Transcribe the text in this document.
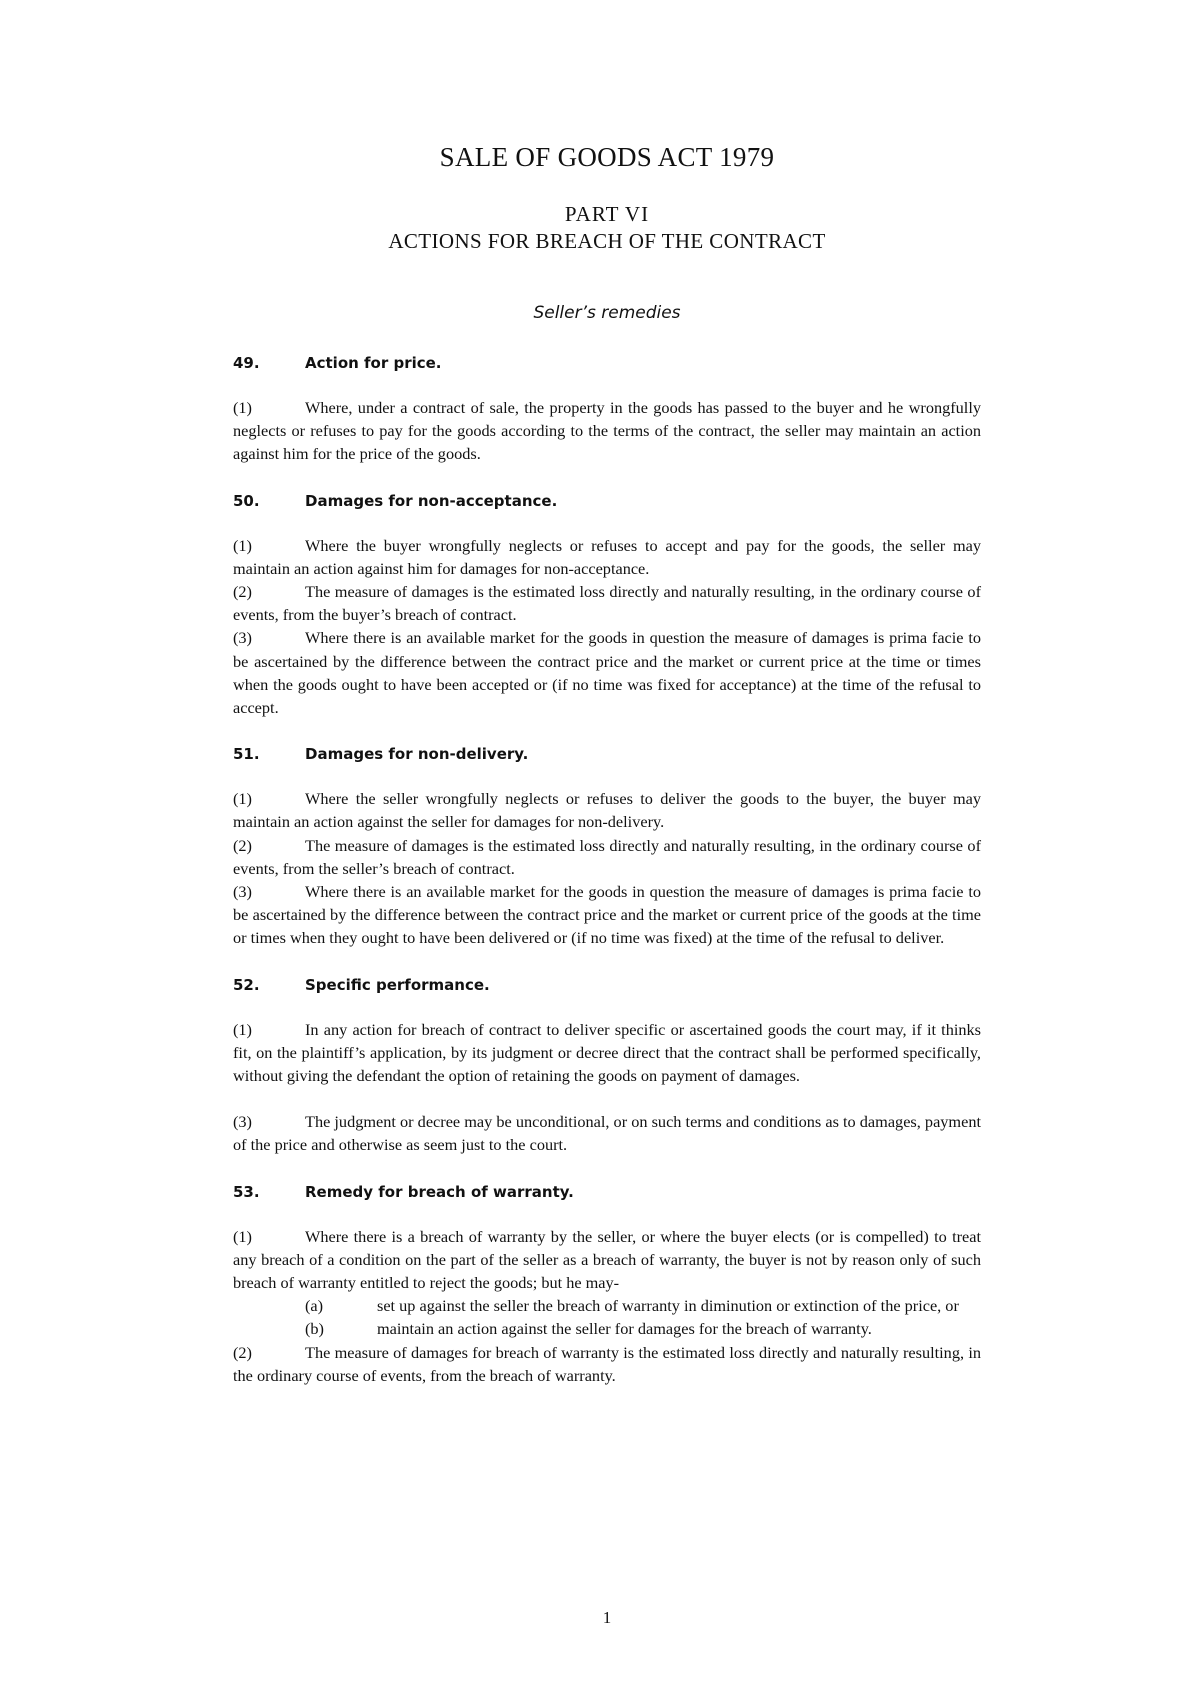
SALE OF GOODS ACT 1979
PART VI
ACTIONS FOR BREACH OF THE CONTRACT
Seller’s remedies
49.	Action for price.

(1)	Where, under a contract of sale, the property in the goods has passed to the buyer and he wrongfully neglects or refuses to pay for the goods according to the terms of the contract, the seller may maintain an action against him for the price of the goods.

50.	Damages for non-acceptance.

(1)	Where the buyer wrongfully neglects or refuses to accept and pay for the goods, the seller may maintain an action against him for damages for non-acceptance.

(2)	The measure of damages is the estimated loss directly and naturally resulting, in the ordinary course of events, from the buyer’s breach of contract.

(3)	Where there is an available market for the goods in question the measure of damages is prima facie to be ascertained by the difference between the contract price and the market or current price at the time or times when the goods ought to have been accepted or (if no time was fixed for acceptance) at the time of the refusal to accept.

51.	Damages for non-delivery.

(1)	Where the seller wrongfully neglects or refuses to deliver the goods to the buyer, the buyer may maintain an action against the seller for damages for non-delivery.

(2)	The measure of damages is the estimated loss directly and naturally resulting, in the ordinary course of events, from the seller’s breach of contract.

(3)	Where there is an available market for the goods in question the measure of damages is prima facie to be ascertained by the difference between the contract price and the market or current price of the goods at the time or times when they ought to have been delivered or (if no time was fixed) at the time of the refusal to deliver.

52.	Specific performance.

(1)	In any action for breach of contract to deliver specific or ascertained goods the court may, if it thinks fit, on the plaintiff’s application, by its judgment or decree direct that the contract shall be performed specifically, without giving the defendant the option of retaining the goods on payment of damages.

(3)	The judgment or decree may be unconditional, or on such terms and conditions as to damages, payment of the price and otherwise as seem just to the court.

53.	Remedy for breach of warranty.

(1)	Where there is a breach of warranty by the seller, or where the buyer elects (or is compelled) to treat any breach of a condition on the part of the seller as a breach of warranty, the buyer is not by reason only of such breach of warranty entitled to reject the goods; but he may-

(a)	set up against the seller the breach of warranty in diminution or extinction of the price, or

(b)	maintain an action against the seller for damages for the breach of warranty.

(2)	The measure of damages for breach of warranty is the estimated loss directly and naturally resulting, in the ordinary course of events, from the breach of warranty.

1
